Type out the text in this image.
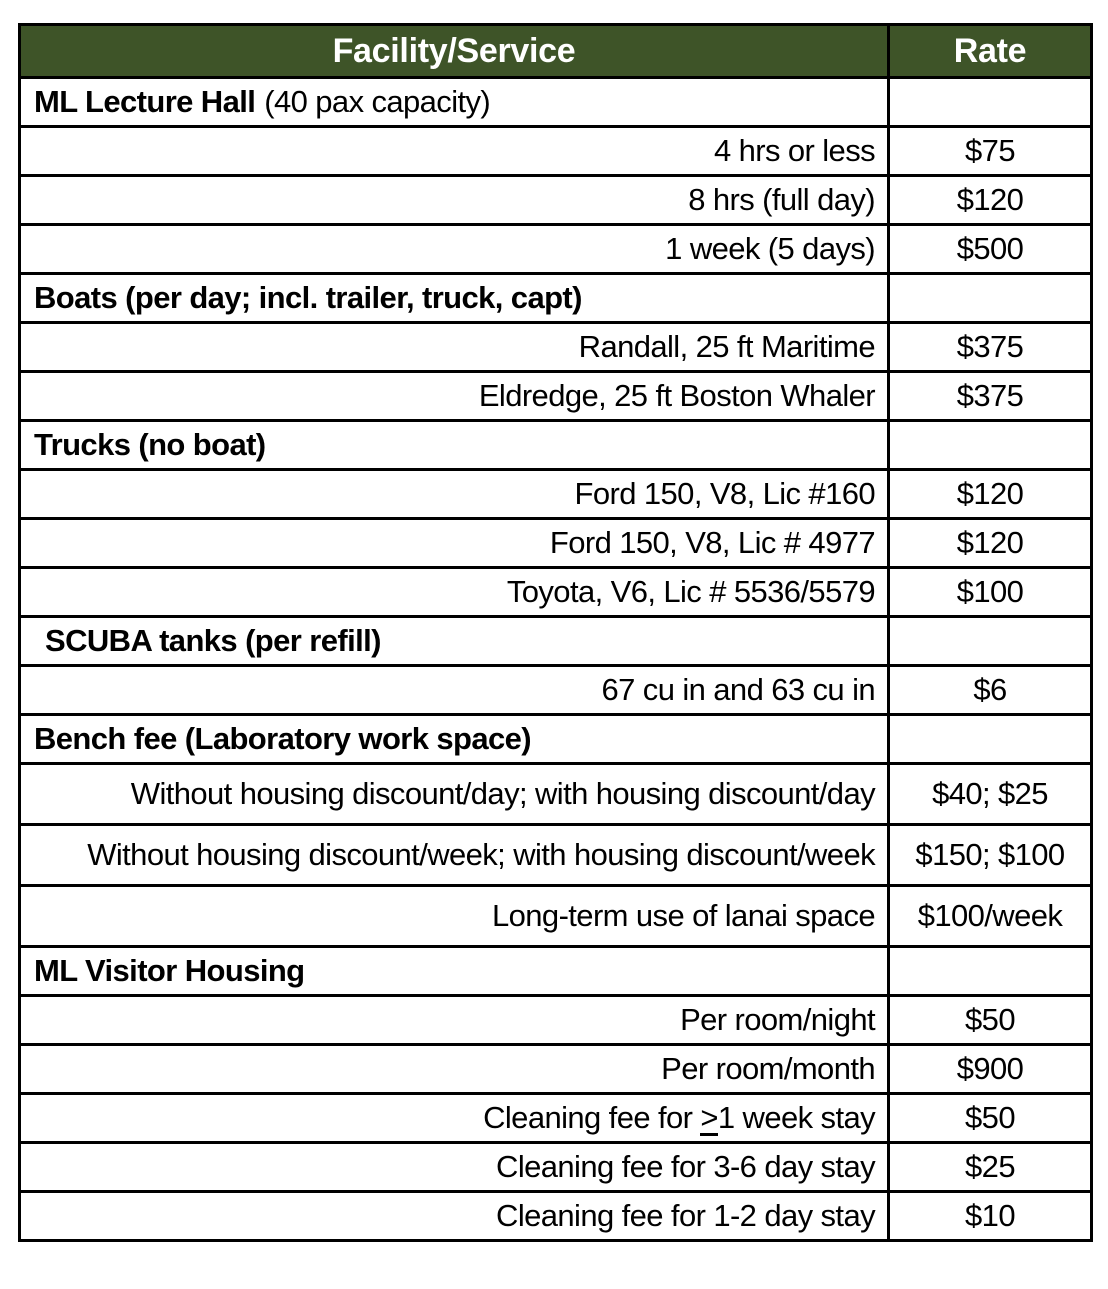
Facility/Service	Rate
ML Lecture Hall (40 pax capacity)	
4 hrs or less	$75
8 hrs (full day)	$120
1 week (5 days)	$500
Boats (per day; incl. trailer, truck, capt)	
Randall, 25 ft Maritime	$375
Eldredge, 25 ft Boston Whaler	$375
Trucks (no boat)	
Ford 150, V8, Lic #160	$120
Ford 150, V8, Lic # 4977	$120
Toyota, V6, Lic # 5536/5579	$100
SCUBA tanks (per refill)	
67 cu in and 63 cu in	$6
Bench fee (Laboratory work space)	
Without housing discount/day; with housing discount/day	$40; $25
Without housing discount/week; with housing discount/week	$150; $100
Long-term use of lanai space	$100/week
ML Visitor Housing	
Per room/night	$50
Per room/month	$900
Cleaning fee for >1 week stay	$50
Cleaning fee for 3-6 day stay	$25
Cleaning fee for 1-2 day stay	$10
